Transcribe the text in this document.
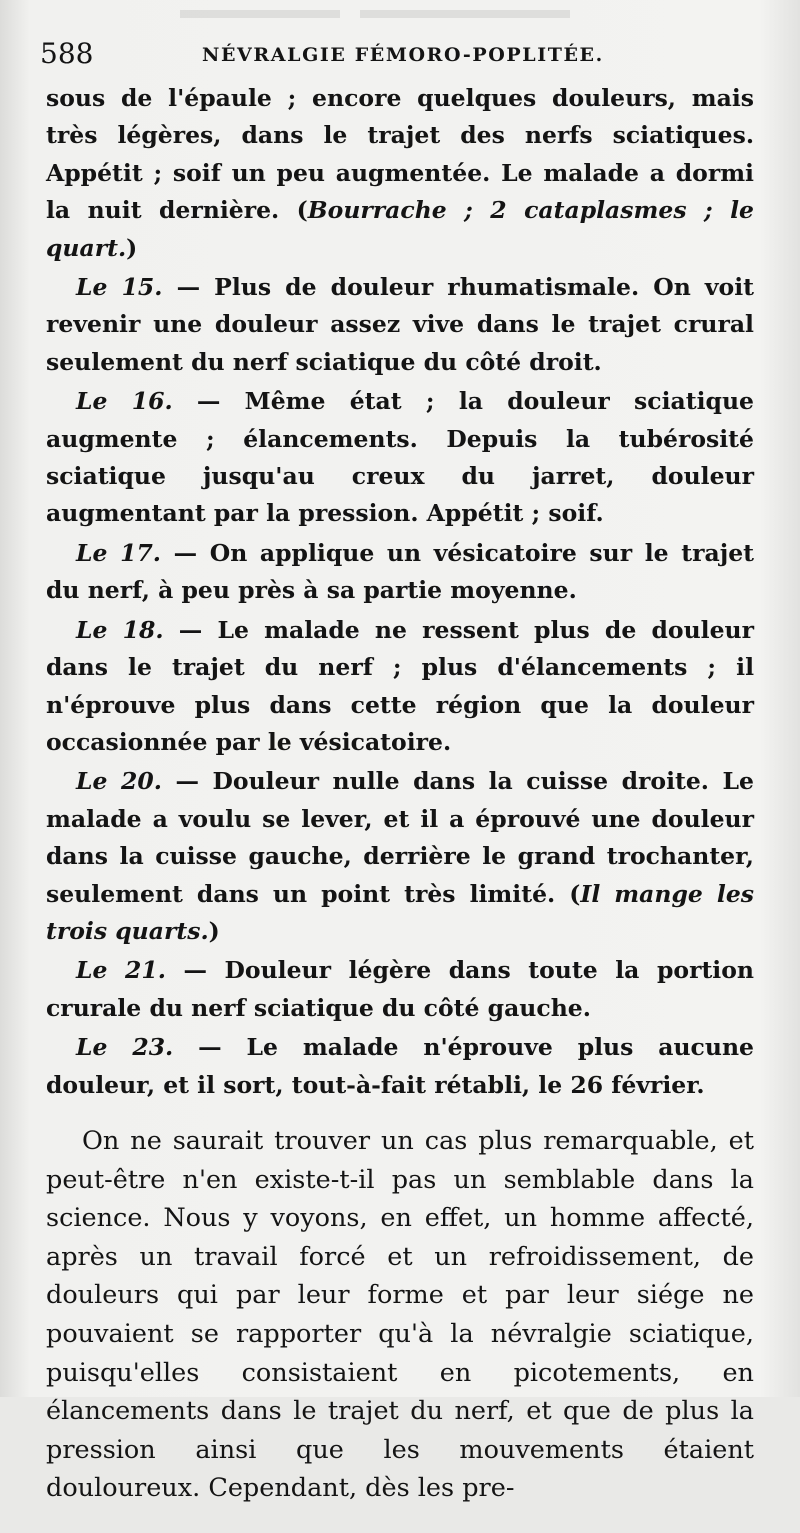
588	NÉVRALGIE FÉMORO-POPLITÉE.

sous de l'épaule ; encore quelques douleurs, mais très légères, dans le trajet des nerfs sciatiques. Appétit ; soif un peu augmentée. Le malade a dormi la nuit dernière. (Bourrache ; 2 cataplasmes ; le quart.)

Le 15. — Plus de douleur rhumatismale. On voit revenir une douleur assez vive dans le trajet crural seulement du nerf sciatique du côté droit.

Le 16. — Même état ; la douleur sciatique augmente ; élancements. Depuis la tubérosité sciatique jusqu'au creux du jarret, douleur augmentant par la pression. Appétit ; soif.

Le 17. — On applique un vésicatoire sur le trajet du nerf, à peu près à sa partie moyenne.

Le 18. — Le malade ne ressent plus de douleur dans le trajet du nerf ; plus d'élancements ; il n'éprouve plus dans cette région que la douleur occasionnée par le vésicatoire.

Le 20. — Douleur nulle dans la cuisse droite. Le malade a voulu se lever, et il a éprouvé une douleur dans la cuisse gauche, derrière le grand trochanter, seulement dans un point très limité. (Il mange les trois quarts.)

Le 21. — Douleur légère dans toute la portion crurale du nerf sciatique du côté gauche.

Le 23. — Le malade n'éprouve plus aucune douleur, et il sort, tout-à-fait rétabli, le 26 février.

On ne saurait trouver un cas plus remarquable, et peut-être n'en existe-t-il pas un semblable dans la science. Nous y voyons, en effet, un homme affecté, après un travail forcé et un refroidissement, de douleurs qui par leur forme et par leur siége ne pouvaient se rapporter qu'à la névralgie sciatique, puisqu'elles consistaient en picotements, en élancements dans le trajet du nerf, et que de plus la pression ainsi que les mouvements étaient douloureux. Cependant, dès les pre-
